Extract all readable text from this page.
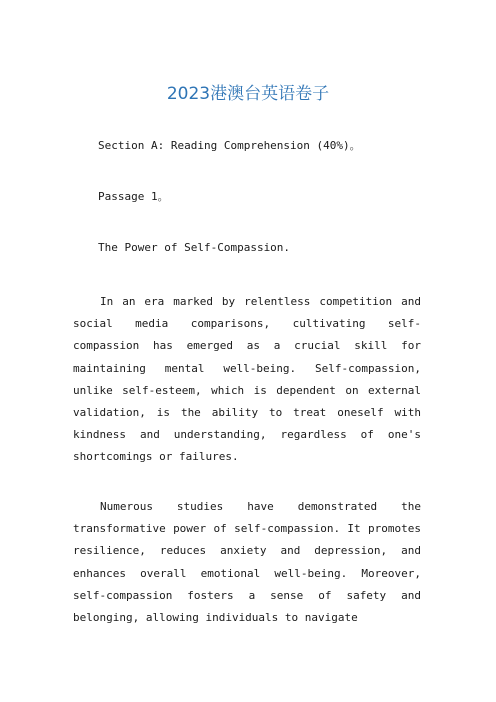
2023港澳台英语卷子

Section A: Reading Comprehension (40%)。

Passage 1。

The Power of Self-Compassion.

In an era marked by relentless competition and social media comparisons, cultivating self-compassion has emerged as a crucial skill for maintaining mental well-being. Self-compassion, unlike self-esteem, which is dependent on external validation, is the ability to treat oneself with kindness and understanding, regardless of one's shortcomings or failures.

Numerous studies have demonstrated the transformative power of self-compassion. It promotes resilience, reduces anxiety and depression, and enhances overall emotional well-being. Moreover, self-compassion fosters a sense of safety and belonging, allowing individuals to navigate
